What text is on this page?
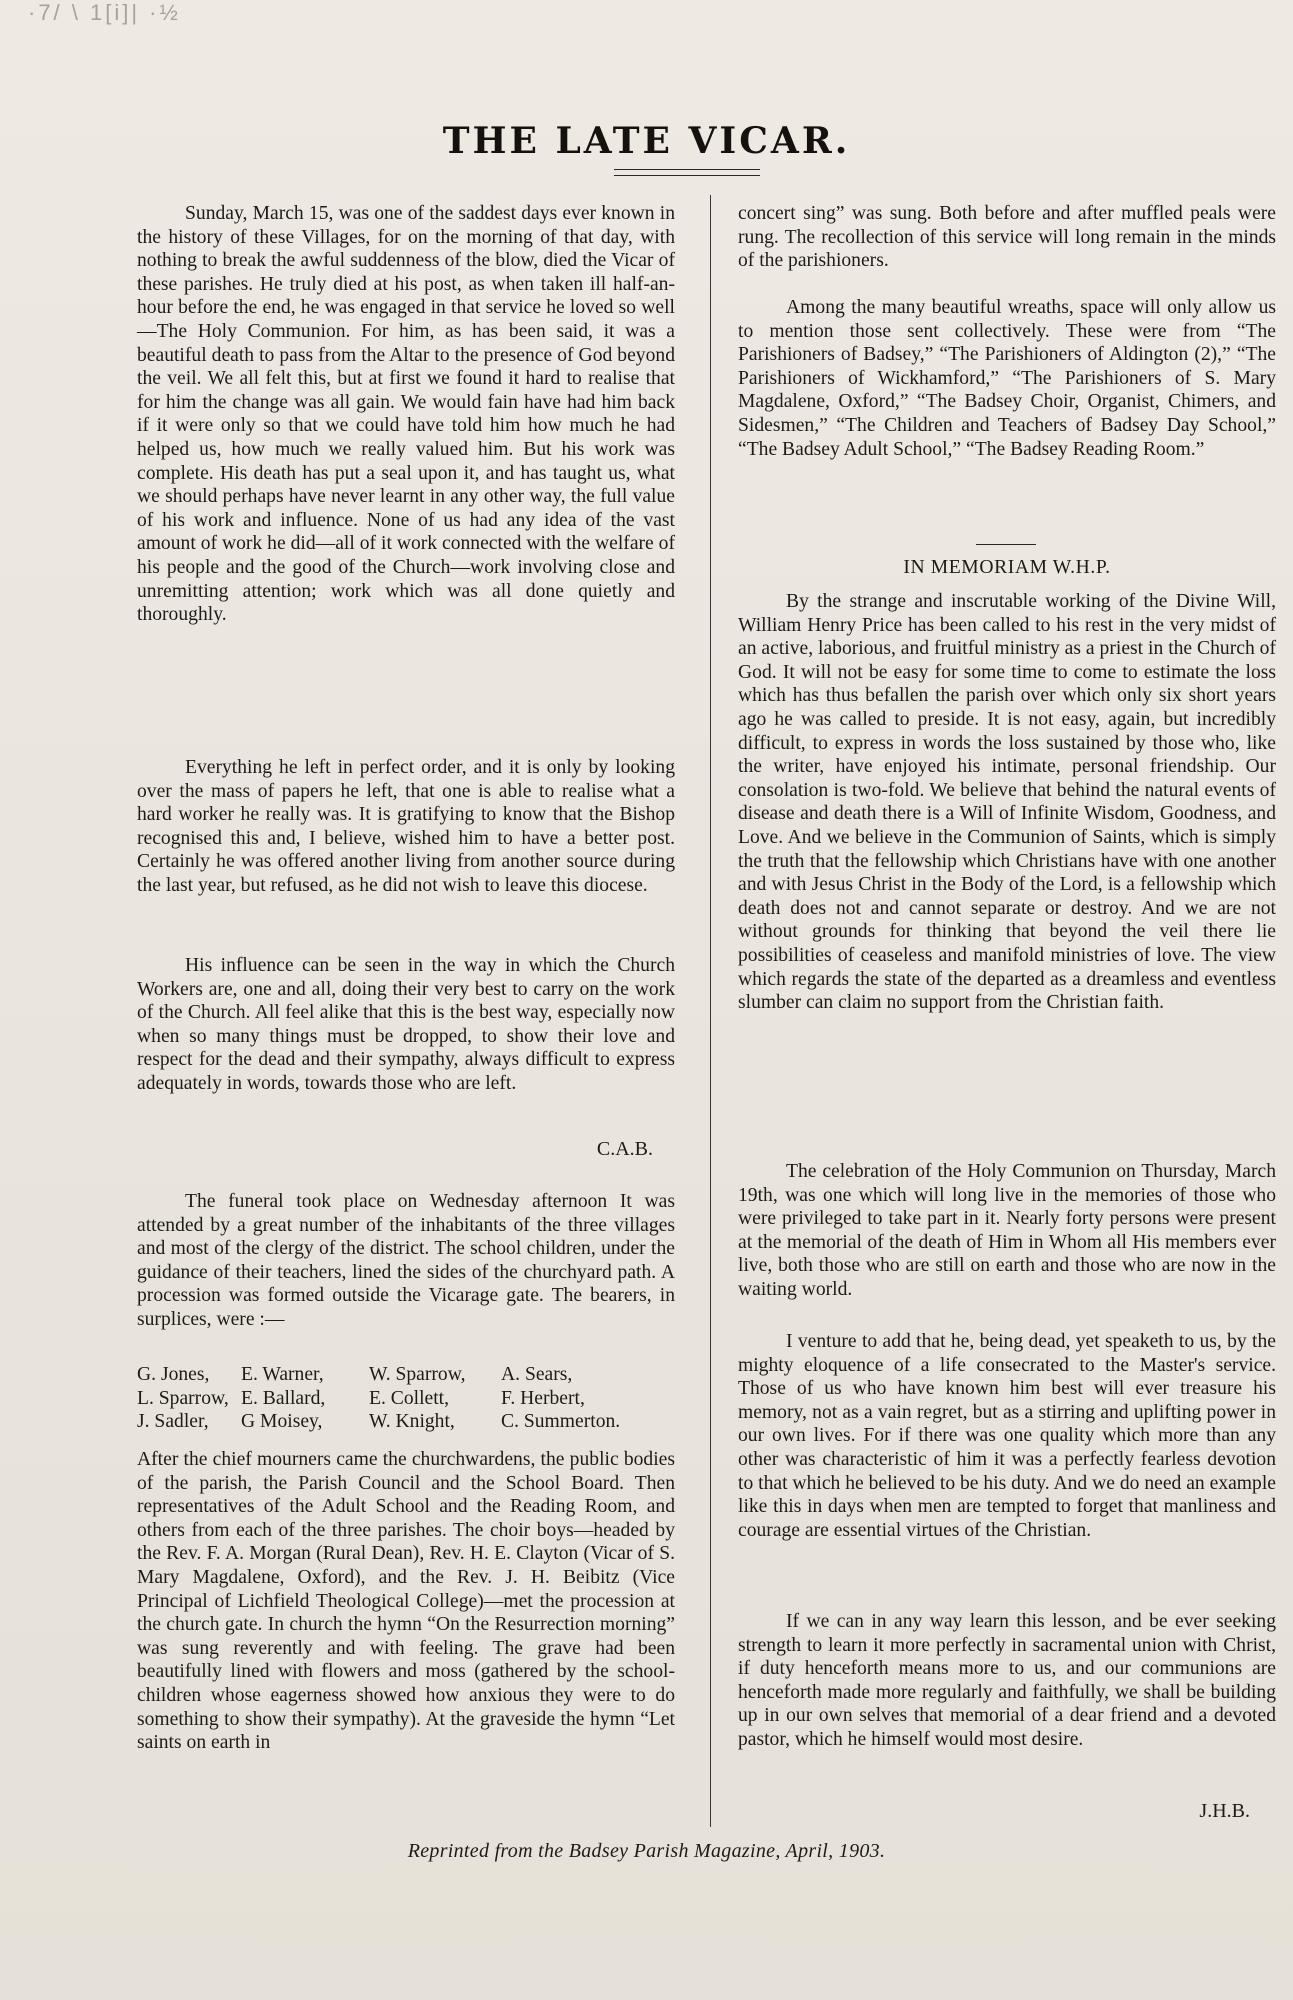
·7/ \ 1[i]| ·½
THE LATE VICAR.

Sunday, March 15, was one of the saddest days ever known in the history of these Villages, for on the morning of that day, with nothing to break the awful suddenness of the blow, died the Vicar of these parishes. He truly died at his post, as when taken ill half-an-hour before the end, he was engaged in that service he loved so well—The Holy Communion. For him, as has been said, it was a beautiful death to pass from the Altar to the presence of God beyond the veil. We all felt this, but at first we found it hard to realise that for him the change was all gain. We would fain have had him back if it were only so that we could have told him how much he had helped us, how much we really valued him. But his work was complete. His death has put a seal upon it, and has taught us, what we should perhaps have never learnt in any other way, the full value of his work and influence. None of us had any idea of the vast amount of work he did—all of it work connected with the welfare of his people and the good of the Church—work involving close and unremitting attention; work which was all done quietly and thoroughly.

Everything he left in perfect order, and it is only by looking over the mass of papers he left, that one is able to realise what a hard worker he really was. It is gratifying to know that the Bishop recognised this and, I believe, wished him to have a better post. Certainly he was offered another living from another source during the last year, but refused, as he did not wish to leave this diocese.

His influence can be seen in the way in which the Church Workers are, one and all, doing their very best to carry on the work of the Church. All feel alike that this is the best way, especially now when so many things must be dropped, to show their love and respect for the dead and their sympathy, always difficult to express adequately in words, towards those who are left.

C.A.B.

The funeral took place on Wednesday afternoon It was attended by a great number of the inhabitants of the three villages and most of the clergy of the district. The school children, under the guidance of their teachers, lined the sides of the churchyard path. A procession was formed outside the Vicarage gate. The bearers, in surplices, were :—

G. Jones,	E. Warner,	W. Sparrow,	A. Sears,
L. Sparrow, E. Ballard,	E. Collett,	F. Herbert,
J. Sadler,	G Moisey,	W. Knight,	C. Summerton.

After the chief mourners came the churchwardens, the public bodies of the parish, the Parish Council and the School Board. Then representatives of the Adult School and the Reading Room, and others from each of the three parishes. The choir boys—headed by the Rev. F. A. Morgan (Rural Dean), Rev. H. E. Clayton (Vicar of S. Mary Magdalene, Oxford), and the Rev. J. H. Beibitz (Vice Principal of Lichfield Theological College)—met the procession at the church gate. In church the hymn “On the Resurrection morning” was sung reverently and with feeling. The grave had been beautifully lined with flowers and moss (gathered by the school-children whose eagerness showed how anxious they were to do something to show their sympathy). At the graveside the hymn “Let saints on earth in

concert sing” was sung. Both before and after muffled peals were rung. The recollection of this service will long remain in the minds of the parishioners.

Among the many beautiful wreaths, space will only allow us to mention those sent collectively. These were from “The Parishioners of Badsey,” “The Parishioners of Aldington (2),” “The Parishioners of Wickhamford,” “The Parishioners of S. Mary Magdalene, Oxford,” “The Badsey Choir, Organist, Chimers, and Sidesmen,” “The Children and Teachers of Badsey Day School,” “The Badsey Adult School,” “The Badsey Reading Room.”

IN MEMORIAM W.H.P.

By the strange and inscrutable working of the Divine Will, William Henry Price has been called to his rest in the very midst of an active, laborious, and fruitful ministry as a priest in the Church of God. It will not be easy for some time to come to estimate the loss which has thus befallen the parish over which only six short years ago he was called to preside. It is not easy, again, but incredibly difficult, to express in words the loss sustained by those who, like the writer, have enjoyed his intimate, personal friendship. Our consolation is two-fold. We believe that behind the natural events of disease and death there is a Will of Infinite Wisdom, Goodness, and Love. And we believe in the Communion of Saints, which is simply the truth that the fellowship which Christians have with one another and with Jesus Christ in the Body of the Lord, is a fellowship which death does not and cannot separate or destroy. And we are not without grounds for thinking that beyond the veil there lie possibilities of ceaseless and manifold ministries of love. The view which regards the state of the departed as a dreamless and eventless slumber can claim no support from the Christian faith.

The celebration of the Holy Communion on Thursday, March 19th, was one which will long live in the memories of those who were privileged to take part in it. Nearly forty persons were present at the memorial of the death of Him in Whom all His members ever live, both those who are still on earth and those who are now in the waiting world.

I venture to add that he, being dead, yet speaketh to us, by the mighty eloquence of a life consecrated to the Master's service. Those of us who have known him best will ever treasure his memory, not as a vain regret, but as a stirring and uplifting power in our own lives. For if there was one quality which more than any other was characteristic of him it was a perfectly fearless devotion to that which he believed to be his duty. And we do need an example like this in days when men are tempted to forget that manliness and courage are essential virtues of the Christian.

If we can in any way learn this lesson, and be ever seeking strength to learn it more perfectly in sacramental union with Christ, if duty henceforth means more to us, and our communions are henceforth made more regularly and faithfully, we shall be building up in our own selves that memorial of a dear friend and a devoted pastor, which he himself would most desire.

J.H.B.

Reprinted from the Badsey Parish Magazine, April, 1903.
